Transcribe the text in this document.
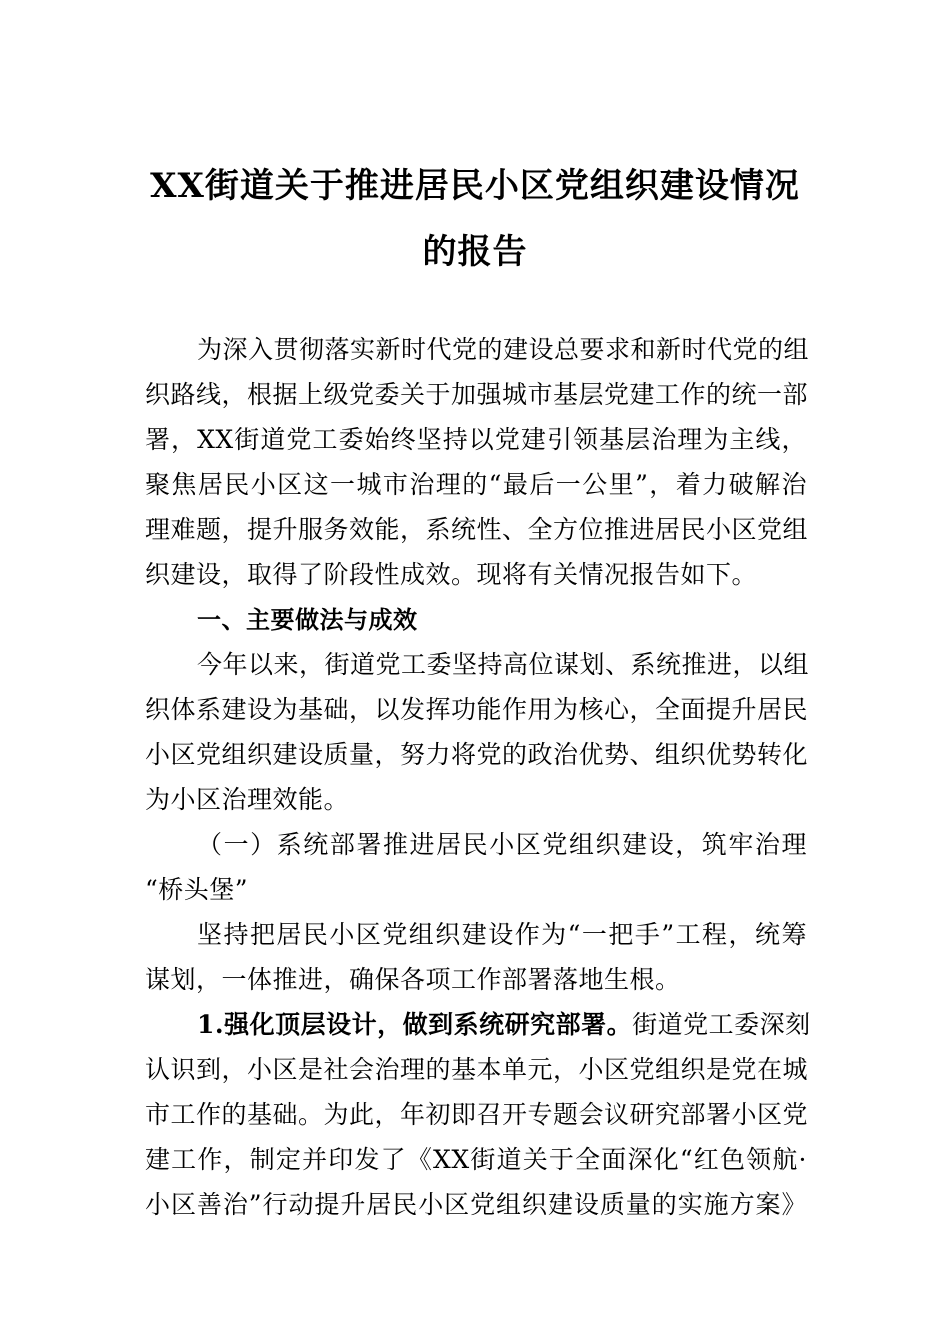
XX街道关于推进居民小区党组织建设情况
的报告
为深入贯彻落实新时代党的建设总要求和新时代党的组
织路线，根据上级党委关于加强城市基层党建工作的统一部
署，XX街道党工委始终坚持以党建引领基层治理为主线，
聚焦居民小区这一城市治理的“最后一公里”，着力破解治
理难题，提升服务效能，系统性、全方位推进居民小区党组
织建设，取得了阶段性成效。现将有关情况报告如下。
一、主要做法与成效
今年以来，街道党工委坚持高位谋划、系统推进，以组
织体系建设为基础，以发挥功能作用为核心，全面提升居民
小区党组织建设质量，努力将党的政治优势、组织优势转化
为小区治理效能。
（一）系统部署推进居民小区党组织建设，筑牢治理
“桥头堡”
坚持把居民小区党组织建设作为“一把手”工程，统筹
谋划，一体推进，确保各项工作部署落地生根。
1.强化顶层设计，做到系统研究部署。街道党工委深刻
认识到，小区是社会治理的基本单元，小区党组织是党在城
市工作的基础。为此，年初即召开专题会议研究部署小区党
建工作，制定并印发了《XX街道关于全面深化“红色领航·
小区善治”行动提升居民小区党组织建设质量的实施方案》
